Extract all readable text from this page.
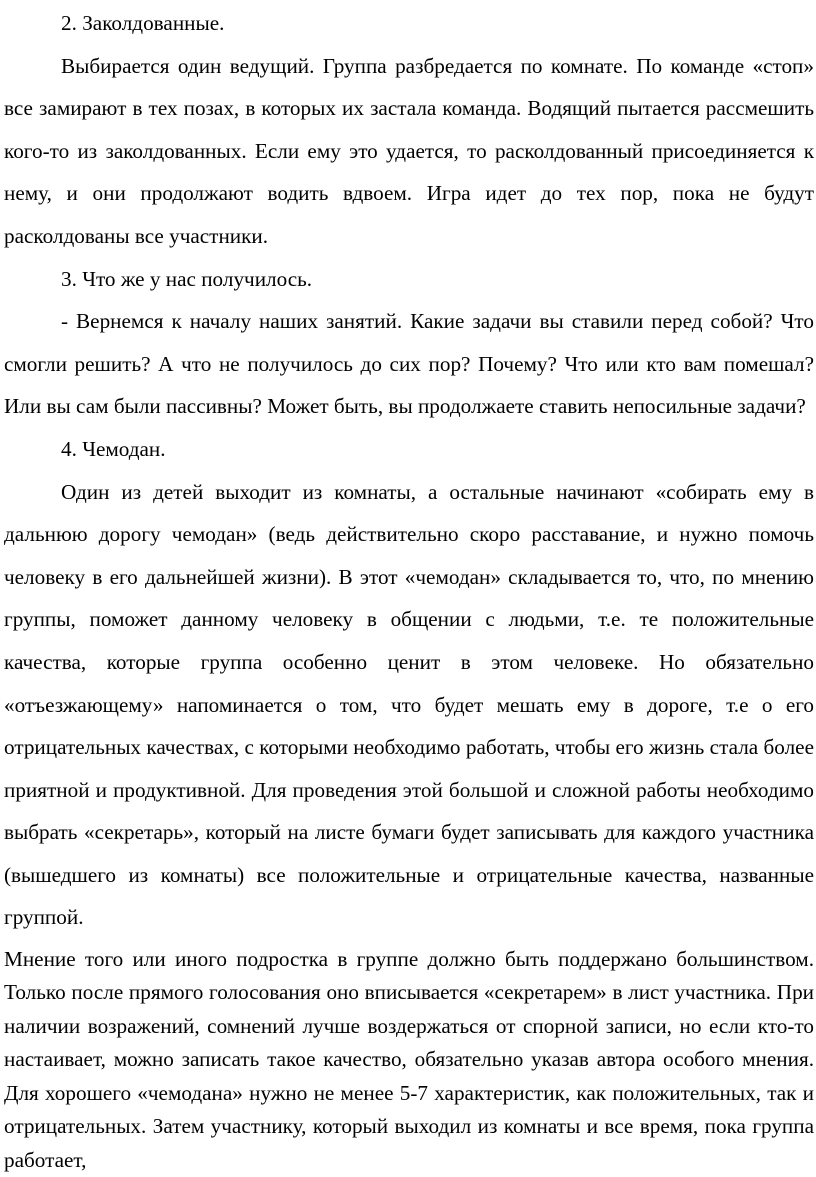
2. Заколдованные.

Выбирается один ведущий. Группа разбредается по комнате. По команде «стоп» все замирают в тех позах, в которых их застала команда. Водящий пытается рассмешить кого-то из заколдованных. Если ему это удается, то расколдованный присоединяется к нему, и они продолжают водить вдвоем. Игра идет до тех пор, пока не будут расколдованы все участники.

3. Что же у нас получилось.

- Вернемся к началу наших занятий. Какие задачи вы ставили перед собой? Что смогли решить? А что не получилось до сих пор? Почему? Что или кто вам помешал? Или вы сам были пассивны? Может быть, вы продолжаете ставить непосильные задачи?

4. Чемодан.

Один из детей выходит из комнаты, а остальные начинают «собирать ему в дальнюю дорогу чемодан» (ведь действительно скоро расставание, и нужно помочь человеку в его дальнейшей жизни). В этот «чемодан» складывается то, что, по мнению группы, поможет данному человеку в общении с людьми, т.е. те положительные качества, которые группа особенно ценит в этом человеке. Но обязательно «отъезжающему» напоминается о том, что будет мешать ему в дороге, т.е о его отрицательных качествах, с которыми необходимо работать, чтобы его жизнь стала более приятной и продуктивной. Для проведения этой большой и сложной работы необходимо выбрать «секретарь», который на листе бумаги будет записывать для каждого участника (вышедшего из комнаты) все положительные и отрицательные качества, названные группой.

Мнение того или иного подростка в группе должно быть поддержано большинством. Только после прямого голосования оно вписывается «секретарем» в лист участника. При наличии возражений, сомнений лучше воздержаться от спорной записи, но если кто-то настаивает, можно записать такое качество, обязательно указав автора особого мнения. Для хорошего «чемодана» нужно не менее 5-7 характеристик, как положительных, так и отрицательных. Затем участнику, который выходил из комнаты и все время, пока группа работает,
